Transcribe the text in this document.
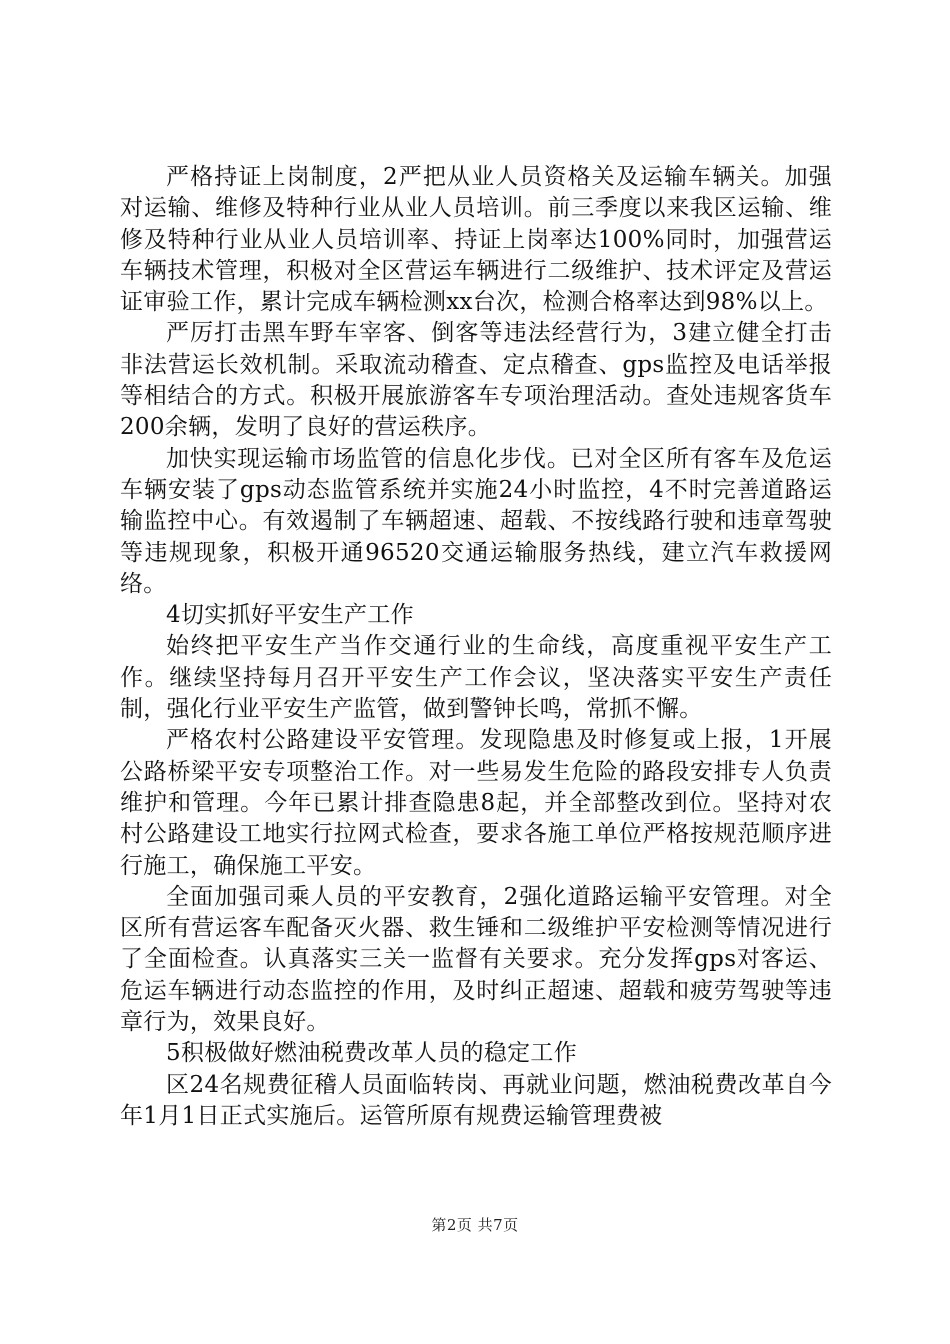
严格持证上岗制度，2严把从业人员资格关及运输车辆关。加强对运输、维修及特种行业从业人员培训。前三季度以来我区运输、维修及特种行业从业人员培训率、持证上岗率达100%同时，加强营运车辆技术管理，积极对全区营运车辆进行二级维护、技术评定及营运证审验工作，累计完成车辆检测xx台次，检测合格率达到98%以上。

严厉打击黑车野车宰客、倒客等违法经营行为，3建立健全打击非法营运长效机制。采取流动稽查、定点稽查、gps监控及电话举报等相结合的方式。积极开展旅游客车专项治理活动。查处违规客货车200余辆，发明了良好的营运秩序。

加快实现运输市场监管的信息化步伐。已对全区所有客车及危运车辆安装了gps动态监管系统并实施24小时监控，4不时完善道路运输监控中心。有效遏制了车辆超速、超载、不按线路行驶和违章驾驶等违规现象，积极开通96520交通运输服务热线，建立汽车救援网络。

4切实抓好平安生产工作

始终把平安生产当作交通行业的生命线，高度重视平安生产工作。继续坚持每月召开平安生产工作会议，坚决落实平安生产责任制，强化行业平安生产监管，做到警钟长鸣，常抓不懈。

严格农村公路建设平安管理。发现隐患及时修复或上报，1开展公路桥梁平安专项整治工作。对一些易发生危险的路段安排专人负责维护和管理。今年已累计排查隐患8起，并全部整改到位。坚持对农村公路建设工地实行拉网式检查，要求各施工单位严格按规范顺序进行施工，确保施工平安。

全面加强司乘人员的平安教育，2强化道路运输平安管理。对全区所有营运客车配备灭火器、救生锤和二级维护平安检测等情况进行了全面检查。认真落实三关一监督有关要求。充分发挥gps对客运、危运车辆进行动态监控的作用，及时纠正超速、超载和疲劳驾驶等违章行为，效果良好。

5积极做好燃油税费改革人员的稳定工作

区24名规费征稽人员面临转岗、再就业问题，燃油税费改革自今年1月1日正式实施后。运管所原有规费运输管理费被

第2页 共7页
